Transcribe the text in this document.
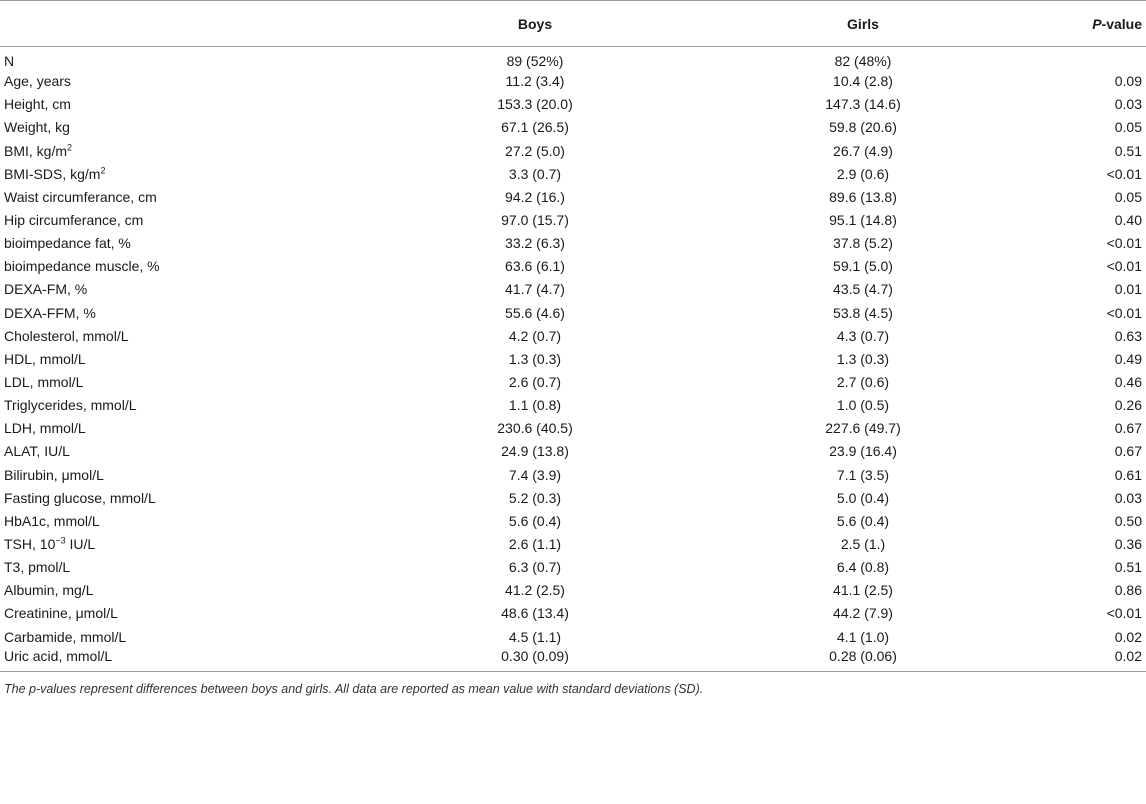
	Boys	Girls	P-value
N	89 (52%)	82 (48%)	
Age, years	11.2 (3.4)	10.4 (2.8)	0.09
Height, cm	153.3 (20.0)	147.3 (14.6)	0.03
Weight, kg	67.1 (26.5)	59.8 (20.6)	0.05
BMI, $kg/m^2$	27.2 (5.0)	26.7 (4.9)	0.51
BMI-SDS, $kg/m^2$	3.3 (0.7)	2.9 (0.6)	<0.01
Waist circumferance, cm	94.2 (16.)	89.6 (13.8)	0.05
Hip circumferance, cm	97.0 (15.7)	95.1 (14.8)	0.40
bioimpedance fat, %	33.2 (6.3)	37.8 (5.2)	<0.01
bioimpedance muscle, %	63.6 (6.1)	59.1 (5.0)	<0.01
DEXA-FM, %	41.7 (4.7)	43.5 (4.7)	0.01
DEXA-FFM, %	55.6 (4.6)	53.8 (4.5)	<0.01
Cholesterol, mmol/L	4.2 (0.7)	4.3 (0.7)	0.63
HDL, mmol/L	1.3 (0.3)	1.3 (0.3)	0.49
LDL, mmol/L	2.6 (0.7)	2.7 (0.6)	0.46
Triglycerides, mmol/L	1.1 (0.8)	1.0 (0.5)	0.26
LDH, mmol/L	230.6 (40.5)	227.6 (49.7)	0.67
ALAT, IU/L	24.9 (13.8)	23.9 (16.4)	0.67
Bilirubin, μmol/L	7.4 (3.9)	7.1 (3.5)	0.61
Fasting glucose, mmol/L	5.2 (0.3)	5.0 (0.4)	0.03
HbA1c, mmol/L	5.6 (0.4)	5.6 (0.4)	0.50
TSH, $10^{-3}$ IU/L	2.6 (1.1)	2.5 (1.)	0.36
T3, pmol/L	6.3 (0.7)	6.4 (0.8)	0.51
Albumin, mg/L	41.2 (2.5)	41.1 (2.5)	0.86
Creatinine, μmol/L	48.6 (13.4)	44.2 (7.9)	<0.01
Carbamide, mmol/L	4.5 (1.1)	4.1 (1.0)	0.02
Uric acid, mmol/L	0.30 (0.09)	0.28 (0.06)	0.02
The p-values represent differences between boys and girls. All data are reported as mean value with standard deviations (SD).
